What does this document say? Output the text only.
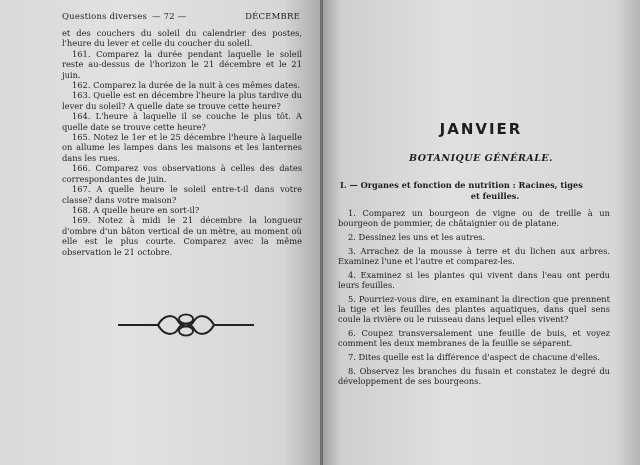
Questions diverses — 72 —	DÉCEMBRE

et des couchers du soleil du calendrier des postes, l'heure du lever et celle du coucher du soleil.

161. Comparez la durée pendant laquelle le soleil reste au-dessus de l'horizon le 21 décembre et le 21 juin.

162. Comparez la durée de la nuit à ces mêmes dates.

163. Quelle est en décembre l'heure la plus tardive du lever du soleil? A quelle date se trouve cette heure?

164. L'heure à laquelle il se couche le plus tôt. A quelle date se trouve cette heure?

165. Notez le 1er et le 25 décembre l'heure à laquelle on allume les lampes dans les maisons et les lanternes dans les rues.

166. Comparez vos observations à celles des dates correspondantes de juin.

167. A quelle heure le soleil entre-t-il dans votre classe? dans votre maison?

168. A quelle heure en sort-il?

169. Notez à midi le 21 décembre la longueur d'ombre d'un bâton vertical de un mètre, au moment où elle est le plus courte. Comparez avec la même observation le 21 octobre.

JANVIER
BOTANIQUE GÉNÉRALE.
I. — Organes et fonction de nutrition : Racines, tiges
et feuilles.

1. Comparez un bourgeon de vigne ou de treille à un bourgeon de pommier, de châtaignier ou de platane.

2. Dessinez les uns et les autres.

3. Arrachez de la mousse à terre et du lichen aux arbres. Examinez l'une et l'autre et comparez-les.

4. Examinez si les plantes qui vivent dans l'eau ont perdu leurs feuilles.

5. Pourriez-vous dire, en examinant la direction que prennent la tige et les feuilles des plantes aquatiques, dans quel sens coule la rivière ou le ruisseau dans lequel elles vivent?

6. Coupez transversalement une feuille de buis, et voyez comment les deux membranes de la feuille se séparent.

7. Dites quelle est la différence d'aspect de chacune d'elles.

8. Observez les branches du fusain et constatez le degré du développement de ses bourgeons.
